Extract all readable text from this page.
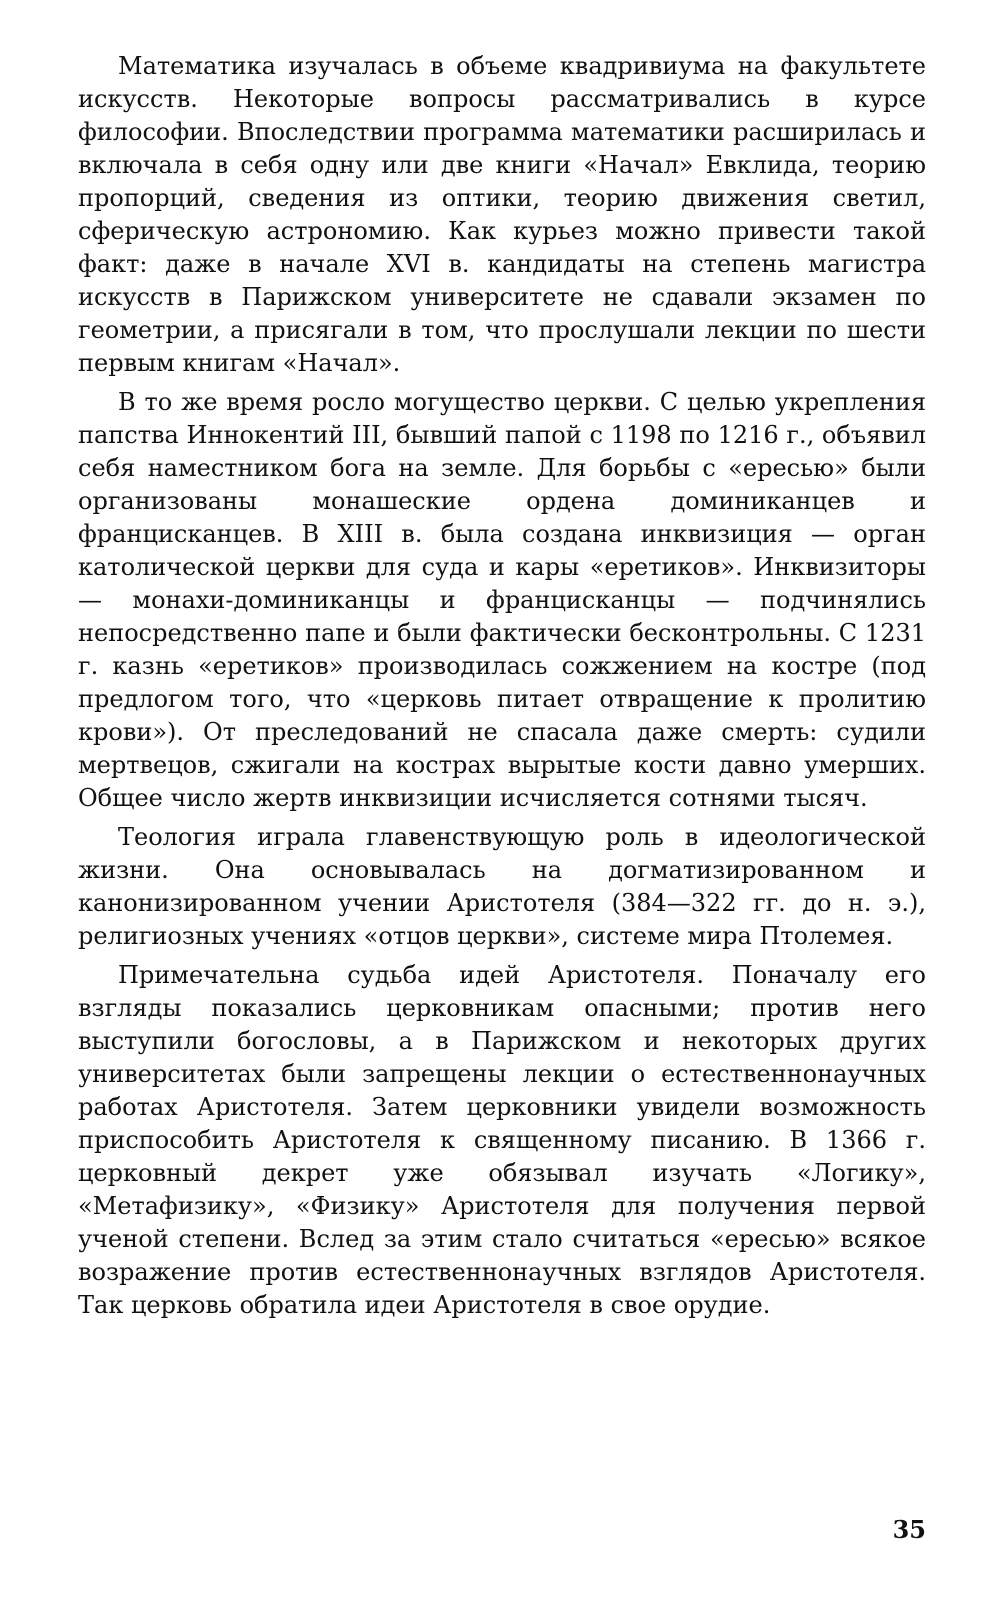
Математика изучалась в объеме квадривиума на факультете искусств. Некоторые вопросы рассматривались в курсе философии. Впоследствии программа математики расширилась и включала в себя одну или две книги «Начал» Евклида, теорию пропорций, сведения из оптики, теорию движения светил, сферическую астрономию. Как курьез можно привести такой факт: даже в начале XVI в. кандидаты на степень магистра искусств в Парижском университете не сдавали экзамен по геометрии, а присягали в том, что прослушали лекции по шести первым книгам «Начал».

В то же время росло могущество церкви. С целью укрепления папства Иннокентий III, бывший папой с 1198 по 1216 г., объявил себя наместником бога на земле. Для борьбы с «ересью» были организованы монашеские ордена доминиканцев и францисканцев. В XIII в. была создана инквизиция — орган католической церкви для суда и кары «еретиков». Инквизиторы — монахи-доминиканцы и францисканцы — подчинялись непосредственно папе и были фактически бесконтрольны. С 1231 г. казнь «еретиков» производилась сожжением на костре (под предлогом того, что «церковь питает отвращение к пролитию крови»). От преследований не спасала даже смерть: судили мертвецов, сжигали на кострах вырытые кости давно умерших. Общее число жертв инквизиции исчисляется сотнями тысяч.

Теология играла главенствующую роль в идеологической жизни. Она основывалась на догматизированном и канонизированном учении Аристотеля (384—322 гг. до н. э.), религиозных учениях «отцов церкви», системе мира Птолемея.

Примечательна судьба идей Аристотеля. Поначалу его взгляды показались церковникам опасными; против него выступили богословы, а в Парижском и некоторых других университетах были запрещены лекции о естественнонаучных работах Аристотеля. Затем церковники увидели возможность приспособить Аристотеля к священному писанию. В 1366 г. церковный декрет уже обязывал изучать «Логику», «Метафизику», «Физику» Аристотеля для получения первой ученой степени. Вслед за этим стало считаться «ересью» всякое возражение против естественнонаучных взглядов Аристотеля. Так церковь обратила идеи Аристотеля в свое орудие.

35
